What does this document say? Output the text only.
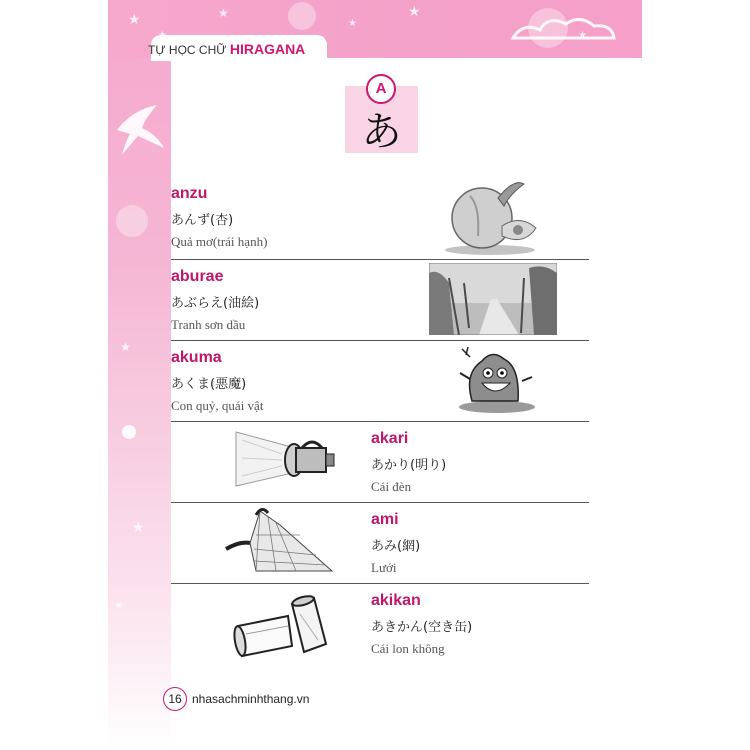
★	★
★
★
★
★
★
★
TỰ HỌC CHỮ HIRAGANA
A
あ
anzu
あんず(杏)
Quả mơ(trái hạnh)
aburae
あぶらえ(油絵)
Tranh sơn dầu
akuma
あくま(悪魔)
Con quỷ, quái vật
akari
あかり(明り)
Cái đèn
ami
あみ(網)
Lưới
akikan
あきかん(空き缶)
Cái lon không
16 nhasachminhthang.vn
